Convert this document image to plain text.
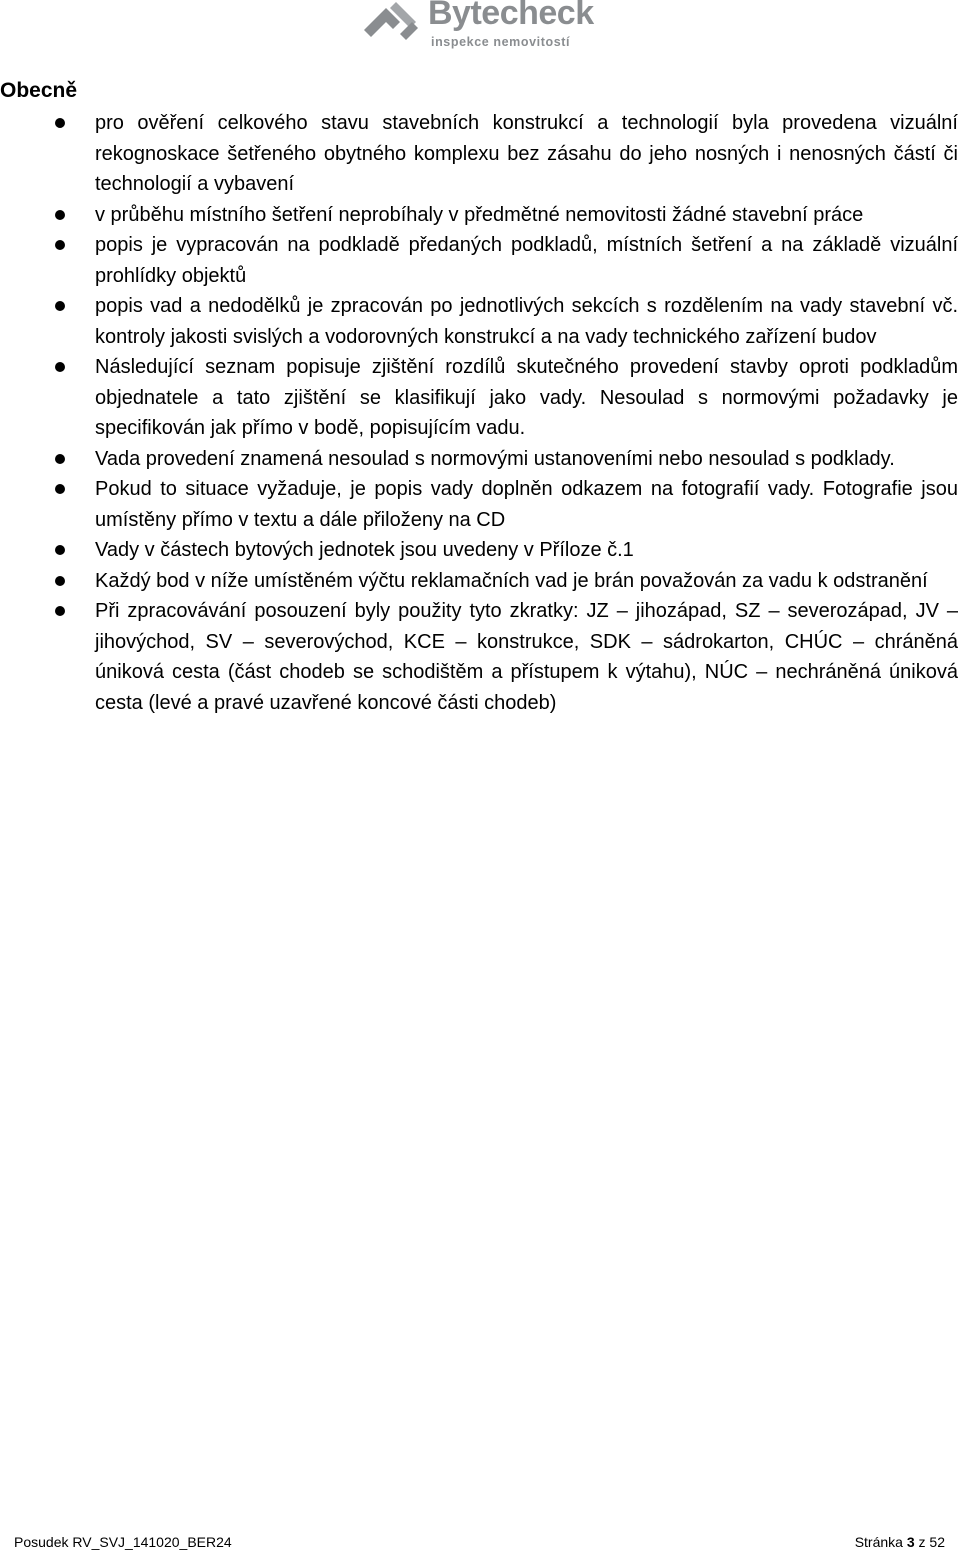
Bytecheck
inspekce nemovitostí
Obecně
pro ověření celkového stavu stavebních konstrukcí a technologií byla provedena vizuální rekognoskace šetřeného obytného komplexu bez zásahu do jeho nosných i nenosných částí či technologií a vybavení
v průběhu místního šetření neprobíhaly v předmětné nemovitosti žádné stavební práce
popis je vypracován na podkladě předaných podkladů, místních šetření a na základě vizuální prohlídky objektů
popis vad a nedodělků je zpracován po jednotlivých sekcích s rozdělením na vady stavební vč. kontroly jakosti svislých a vodorovných konstrukcí a na vady technického zařízení budov
Následující seznam popisuje zjištění rozdílů skutečného provedení stavby oproti podkladům objednatele a tato zjištění se klasifikují jako vady. Nesoulad s normovými požadavky je specifikován jak přímo v bodě, popisujícím vadu.
Vada provedení znamená nesoulad s normovými ustanoveními nebo nesoulad s podklady.
Pokud to situace vyžaduje, je popis vady doplněn odkazem na fotografií vady. Fotografie jsou umístěny přímo v textu a dále přiloženy na CD
Vady v částech bytových jednotek jsou uvedeny v Příloze č.1
Každý bod v níže umístěném výčtu reklamačních vad je brán považován za vadu k odstranění
Při zpracovávání posouzení byly použity tyto zkratky: JZ – jihozápad, SZ – severozápad, JV – jihovýchod, SV – severovýchod, KCE – konstrukce, SDK – sádrokarton, CHÚC – chráněná úniková cesta (část chodeb se schodištěm a přístupem k výtahu), NÚC – nechráněná úniková cesta (levé a pravé uzavřené koncové části chodeb)
Posudek RV_SVJ_141020_BER24	Stránka 3 z 52
